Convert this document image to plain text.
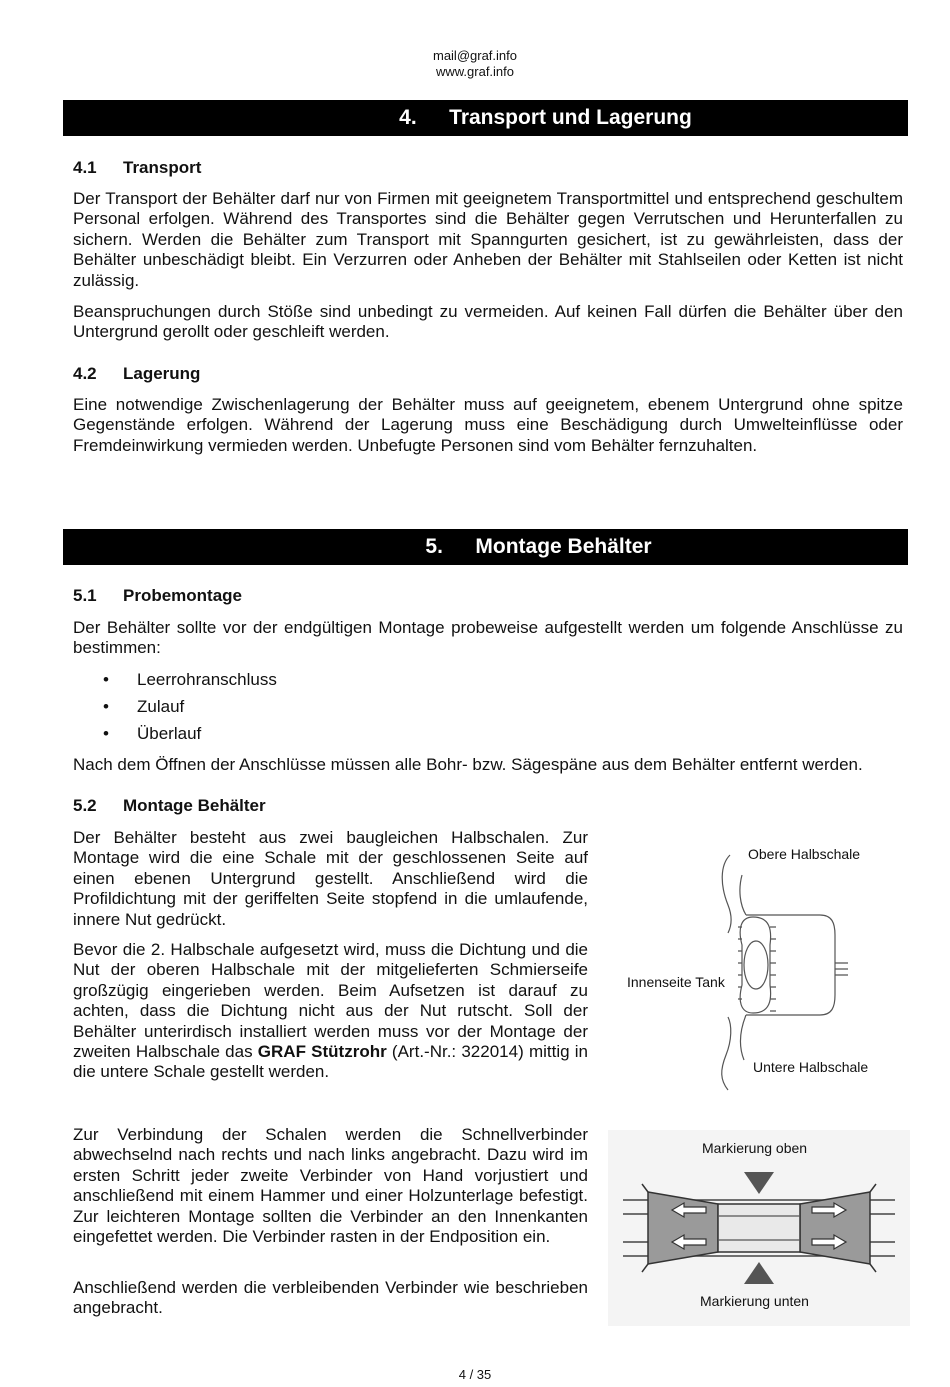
mail@graf.info
www.graf.info
4. Transport und Lagerung
4.1 Transport

Der Transport der Behälter darf nur von Firmen mit geeignetem Transportmittel und entsprechend geschultem Personal erfolgen. Während des Transportes sind die Behälter gegen Verrutschen und Herunterfallen zu sichern. Werden die Behälter zum Transport mit Spanngurten gesichert, ist zu gewährleisten, dass der Behälter unbeschädigt bleibt. Ein Verzurren oder Anheben der Behälter mit Stahlseilen oder Ketten ist nicht zulässig.

Beanspruchungen durch Stöße sind unbedingt zu vermeiden. Auf keinen Fall dürfen die Behälter über den Untergrund gerollt oder geschleift werden.

4.2 Lagerung

Eine notwendige Zwischenlagerung der Behälter muss auf geeignetem, ebenem Untergrund ohne spitze Gegenstände erfolgen. Während der Lagerung muss eine Beschädigung durch Umwelteinflüsse oder Fremdeinwirkung vermieden werden. Unbefugte Personen sind vom Behälter fernzuhalten.

5. Montage Behälter
5.1 Probemontage

Der Behälter sollte vor der endgültigen Montage probeweise aufgestellt werden um folgende Anschlüsse zu bestimmen:

• Leerrohranschluss
• Zulauf
• Überlauf

Nach dem Öffnen der Anschlüsse müssen alle Bohr- bzw. Sägespäne aus dem Behälter entfernt werden.

5.2 Montage Behälter

Der Behälter besteht aus zwei baugleichen Halbschalen. Zur Montage wird die eine Schale mit der geschlossenen Seite auf einen ebenen Untergrund gestellt. Anschließend wird die Profildichtung mit der geriffelten Seite stopfend in die umlaufende, innere Nut gedrückt.

Bevor die 2. Halbschale aufgesetzt wird, muss die Dichtung und die Nut der oberen Halbschale mit der mitgelieferten Schmierseife großzügig eingerieben werden. Beim Aufsetzen ist darauf zu achten, dass die Dichtung nicht aus der Nut rutscht. Soll der Behälter unterirdisch installiert werden muss vor der Montage der zweiten Halbschale das GRAF Stützrohr (Art.-Nr.: 322014) mittig in die untere Schale gestellt werden.

Zur Verbindung der Schalen werden die Schnellverbinder abwechselnd nach rechts und nach links angebracht. Dazu wird im ersten Schritt jeder zweite Verbinder von Hand vorjustiert und anschließend mit einem Hammer und einer Holzunterlage befestigt. Zur leichteren Montage sollten die Verbinder an den Innenkanten eingefettet werden. Die Verbinder rasten in der Endposition ein.

Anschließend werden die verbleibenden Verbinder wie beschrieben angebracht.

Obere Halbschale
Innenseite Tank
Untere Halbschale
Markierung oben
Markierung unten
4 / 35
